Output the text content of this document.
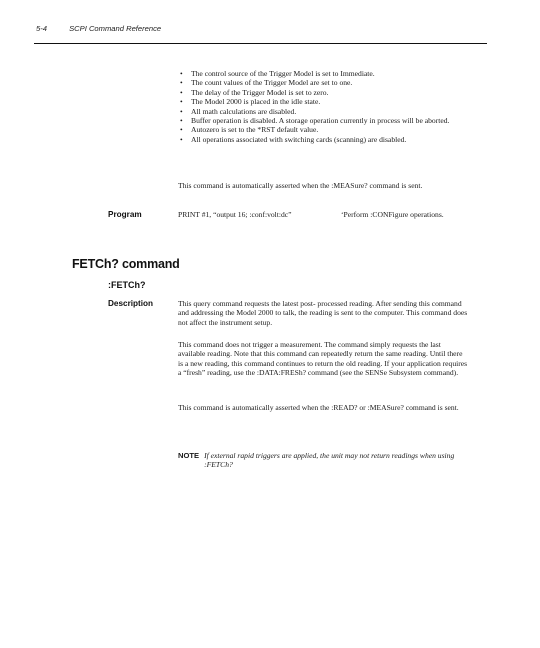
5-4	SCPI Command Reference
• The control source of the Trigger Model is set to Immediate.
• The count values of the Trigger Model are set to one.
• The delay of the Trigger Model is set to zero.
• The Model 2000 is placed in the idle state.
• All math calculations are disabled.
• Buffer operation is disabled. A storage operation currently in process will be aborted.
• Autozero is set to the *RST default value.
• All operations associated with switching cards (scanning) are disabled.

This command is automatically asserted when the :MEASure? command is sent.

Program	PRINT #1, “output 16; :conf:volt:dc”	‘Perform :CONFigure operations.
FETCh? command
:FETCh?
Description	This query command requests the latest post- processed reading. After sending this command and addressing the Model 2000 to talk, the reading is sent to the computer. This command does not affect the instrument setup.

This command does not trigger a measurement. The command simply requests the last available reading. Note that this command can repeatedly return the same reading. Until there is a new reading, this command continues to return the old reading. If your application requires a “fresh” reading, use the :DATA:FRESh? command (see the SENSe Subsystem command).

This command is automatically asserted when the :READ? or :MEASure? command is sent.

NOTE If external rapid triggers are applied, the unit may not return readings when using :FETCh?
